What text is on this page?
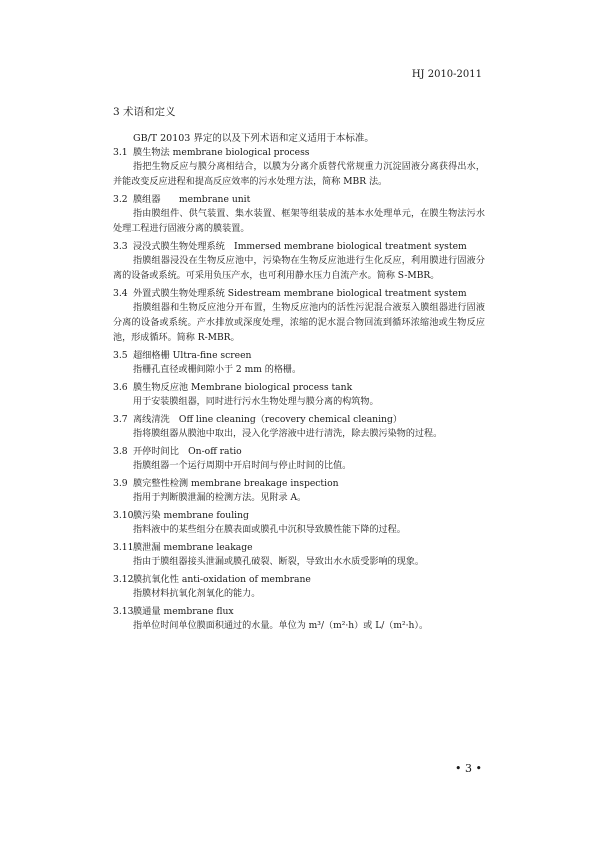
HJ 2010-2011
3 术语和定义
GB/T 20103 界定的以及下列术语和定义适用于本标准。
3.1 膜生物法 membrane biological process

指把生物反应与膜分离相结合，以膜为分离介质替代常规重力沉淀固液分离获得出水，并能改变反应进程和提高反应效率的污水处理方法，简称 MBR 法。

3.2 膜组器　　membrane unit

指由膜组件、供气装置、集水装置、框架等组装成的基本水处理单元，在膜生物法污水处理工程进行固液分离的膜装置。

3.3 浸没式膜生物处理系统　Immersed membrane biological treatment system

指膜组器浸没在生物反应池中，污染物在生物反应池进行生化反应，利用膜进行固液分离的设备或系统。可采用负压产水，也可利用静水压力自流产水。简称 S-MBR。

3.4 外置式膜生物处理系统 Sidestream membrane biological treatment system

指膜组器和生物反应池分开布置，生物反应池内的活性污泥混合液泵入膜组器进行固液分离的设备或系统。产水排放或深度处理，浓缩的泥水混合物回流到循环浓缩池或生物反应池，形成循环。简称 R-MBR。

3.5 超细格栅 Ultra-fine screen

指栅孔直径或栅间隙小于 2 mm 的格栅。

3.6 膜生物反应池 Membrane biological process tank

用于安装膜组器，同时进行污水生物处理与膜分离的构筑物。

3.7 离线清洗　Off line cleaning（recovery chemical cleaning）

指将膜组器从膜池中取出，浸入化学溶液中进行清洗，除去膜污染物的过程。

3.8 开停时间比　On-off ratio

指膜组器一个运行周期中开启时间与停止时间的比值。

3.9 膜完整性检测 membrane breakage inspection

指用于判断膜泄漏的检测方法。见附录 A。

3.10膜污染 membrane fouling

指料液中的某些组分在膜表面或膜孔中沉积导致膜性能下降的过程。

3.11膜泄漏 membrane leakage

指由于膜组器接头泄漏或膜孔破裂、断裂，导致出水水质受影响的现象。

3.12膜抗氧化性 anti-oxidation of membrane

指膜材料抗氧化剂氧化的能力。

3.13膜通量 membrane flux

指单位时间单位膜面积通过的水量。单位为 m³/（m²·h）或 L/（m²·h）。

• 3 •
